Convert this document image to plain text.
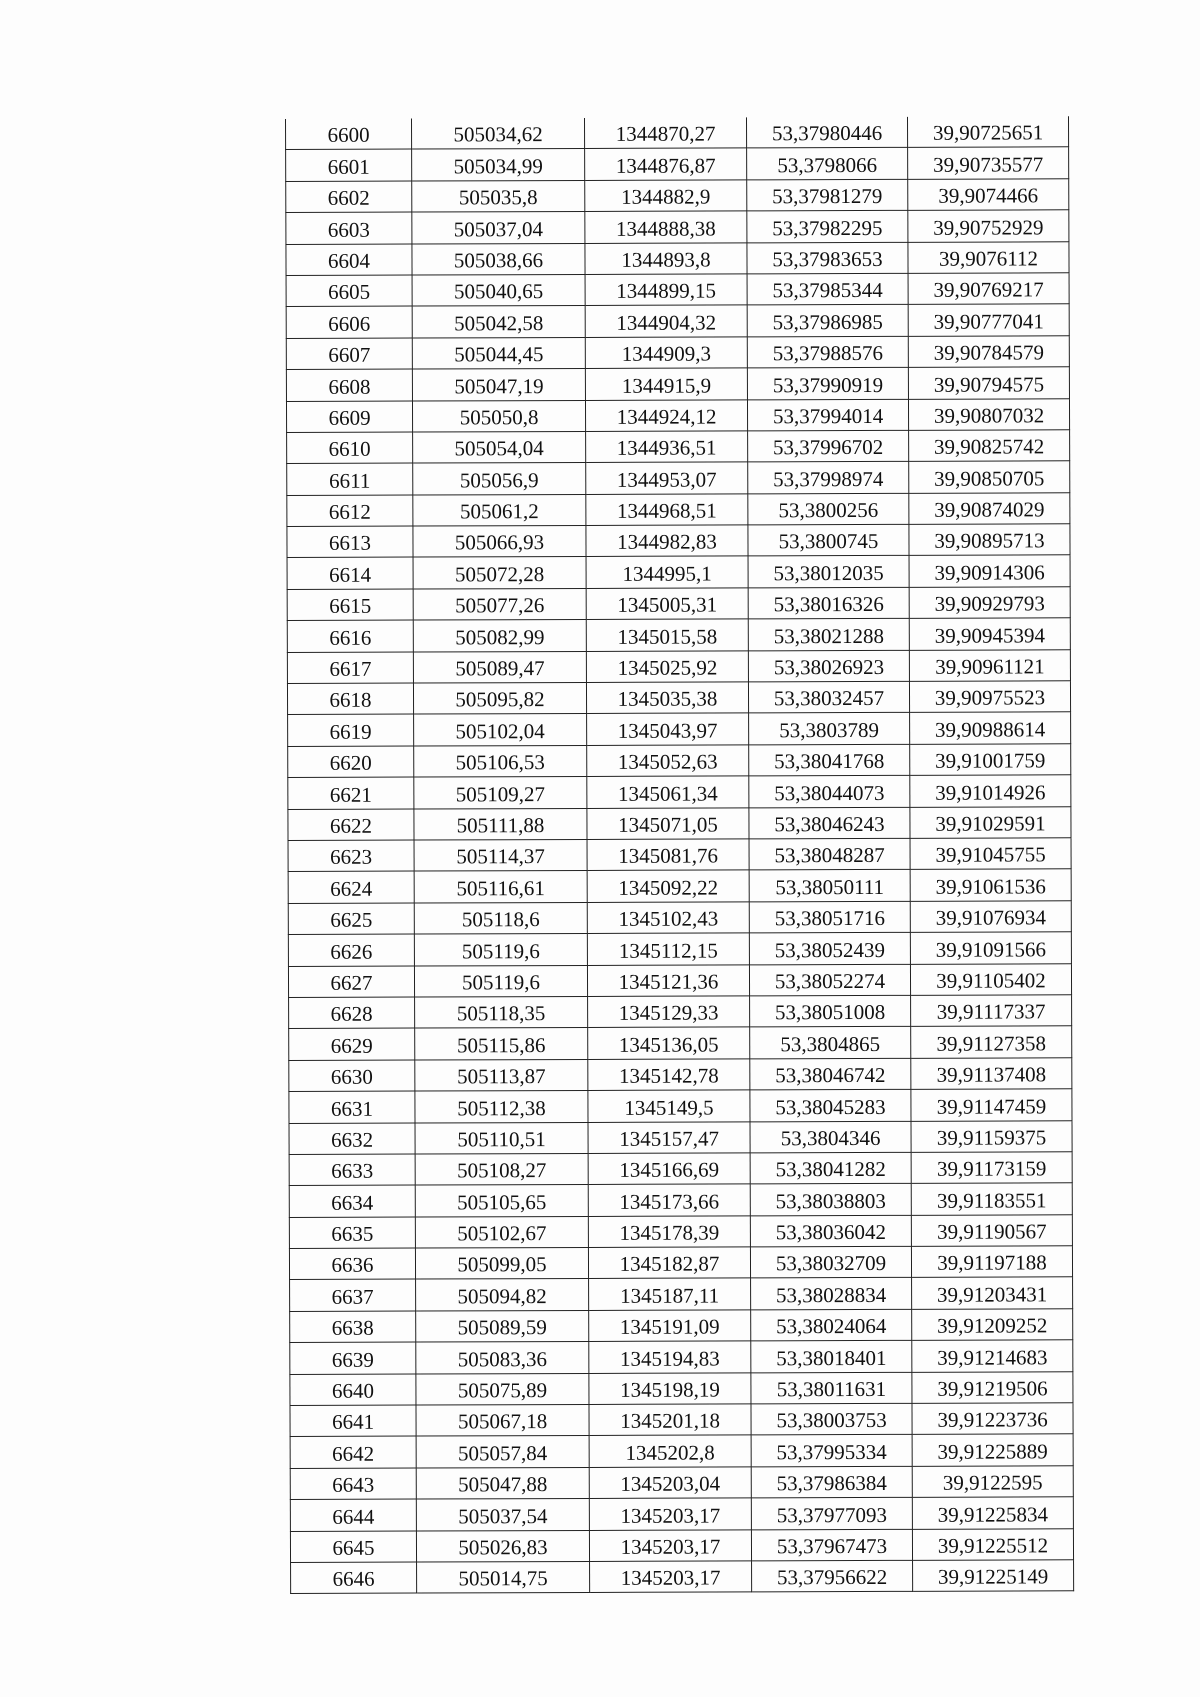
6600	505034,62	1344870,27	53,37980446	39,90725651
6601	505034,99	1344876,87	53,3798066	39,90735577
6602	505035,8	1344882,9	53,37981279	39,9074466
6603	505037,04	1344888,38	53,37982295	39,90752929
6604	505038,66	1344893,8	53,37983653	39,9076112
6605	505040,65	1344899,15	53,37985344	39,90769217
6606	505042,58	1344904,32	53,37986985	39,90777041
6607	505044,45	1344909,3	53,37988576	39,90784579
6608	505047,19	1344915,9	53,37990919	39,90794575
6609	505050,8	1344924,12	53,37994014	39,90807032
6610	505054,04	1344936,51	53,37996702	39,90825742
6611	505056,9	1344953,07	53,37998974	39,90850705
6612	505061,2	1344968,51	53,3800256	39,90874029
6613	505066,93	1344982,83	53,3800745	39,90895713
6614	505072,28	1344995,1	53,38012035	39,90914306
6615	505077,26	1345005,31	53,38016326	39,90929793
6616	505082,99	1345015,58	53,38021288	39,90945394
6617	505089,47	1345025,92	53,38026923	39,90961121
6618	505095,82	1345035,38	53,38032457	39,90975523
6619	505102,04	1345043,97	53,3803789	39,90988614
6620	505106,53	1345052,63	53,38041768	39,91001759
6621	505109,27	1345061,34	53,38044073	39,91014926
6622	505111,88	1345071,05	53,38046243	39,91029591
6623	505114,37	1345081,76	53,38048287	39,91045755
6624	505116,61	1345092,22	53,38050111	39,91061536
6625	505118,6	1345102,43	53,38051716	39,91076934
6626	505119,6	1345112,15	53,38052439	39,91091566
6627	505119,6	1345121,36	53,38052274	39,91105402
6628	505118,35	1345129,33	53,38051008	39,91117337
6629	505115,86	1345136,05	53,3804865	39,91127358
6630	505113,87	1345142,78	53,38046742	39,91137408
6631	505112,38	1345149,5	53,38045283	39,91147459
6632	505110,51	1345157,47	53,3804346	39,91159375
6633	505108,27	1345166,69	53,38041282	39,91173159
6634	505105,65	1345173,66	53,38038803	39,91183551
6635	505102,67	1345178,39	53,38036042	39,91190567
6636	505099,05	1345182,87	53,38032709	39,91197188
6637	505094,82	1345187,11	53,38028834	39,91203431
6638	505089,59	1345191,09	53,38024064	39,91209252
6639	505083,36	1345194,83	53,38018401	39,91214683
6640	505075,89	1345198,19	53,38011631	39,91219506
6641	505067,18	1345201,18	53,38003753	39,91223736
6642	505057,84	1345202,8	53,37995334	39,91225889
6643	505047,88	1345203,04	53,37986384	39,9122595
6644	505037,54	1345203,17	53,37977093	39,91225834
6645	505026,83	1345203,17	53,37967473	39,91225512
6646	505014,75	1345203,17	53,37956622	39,91225149
